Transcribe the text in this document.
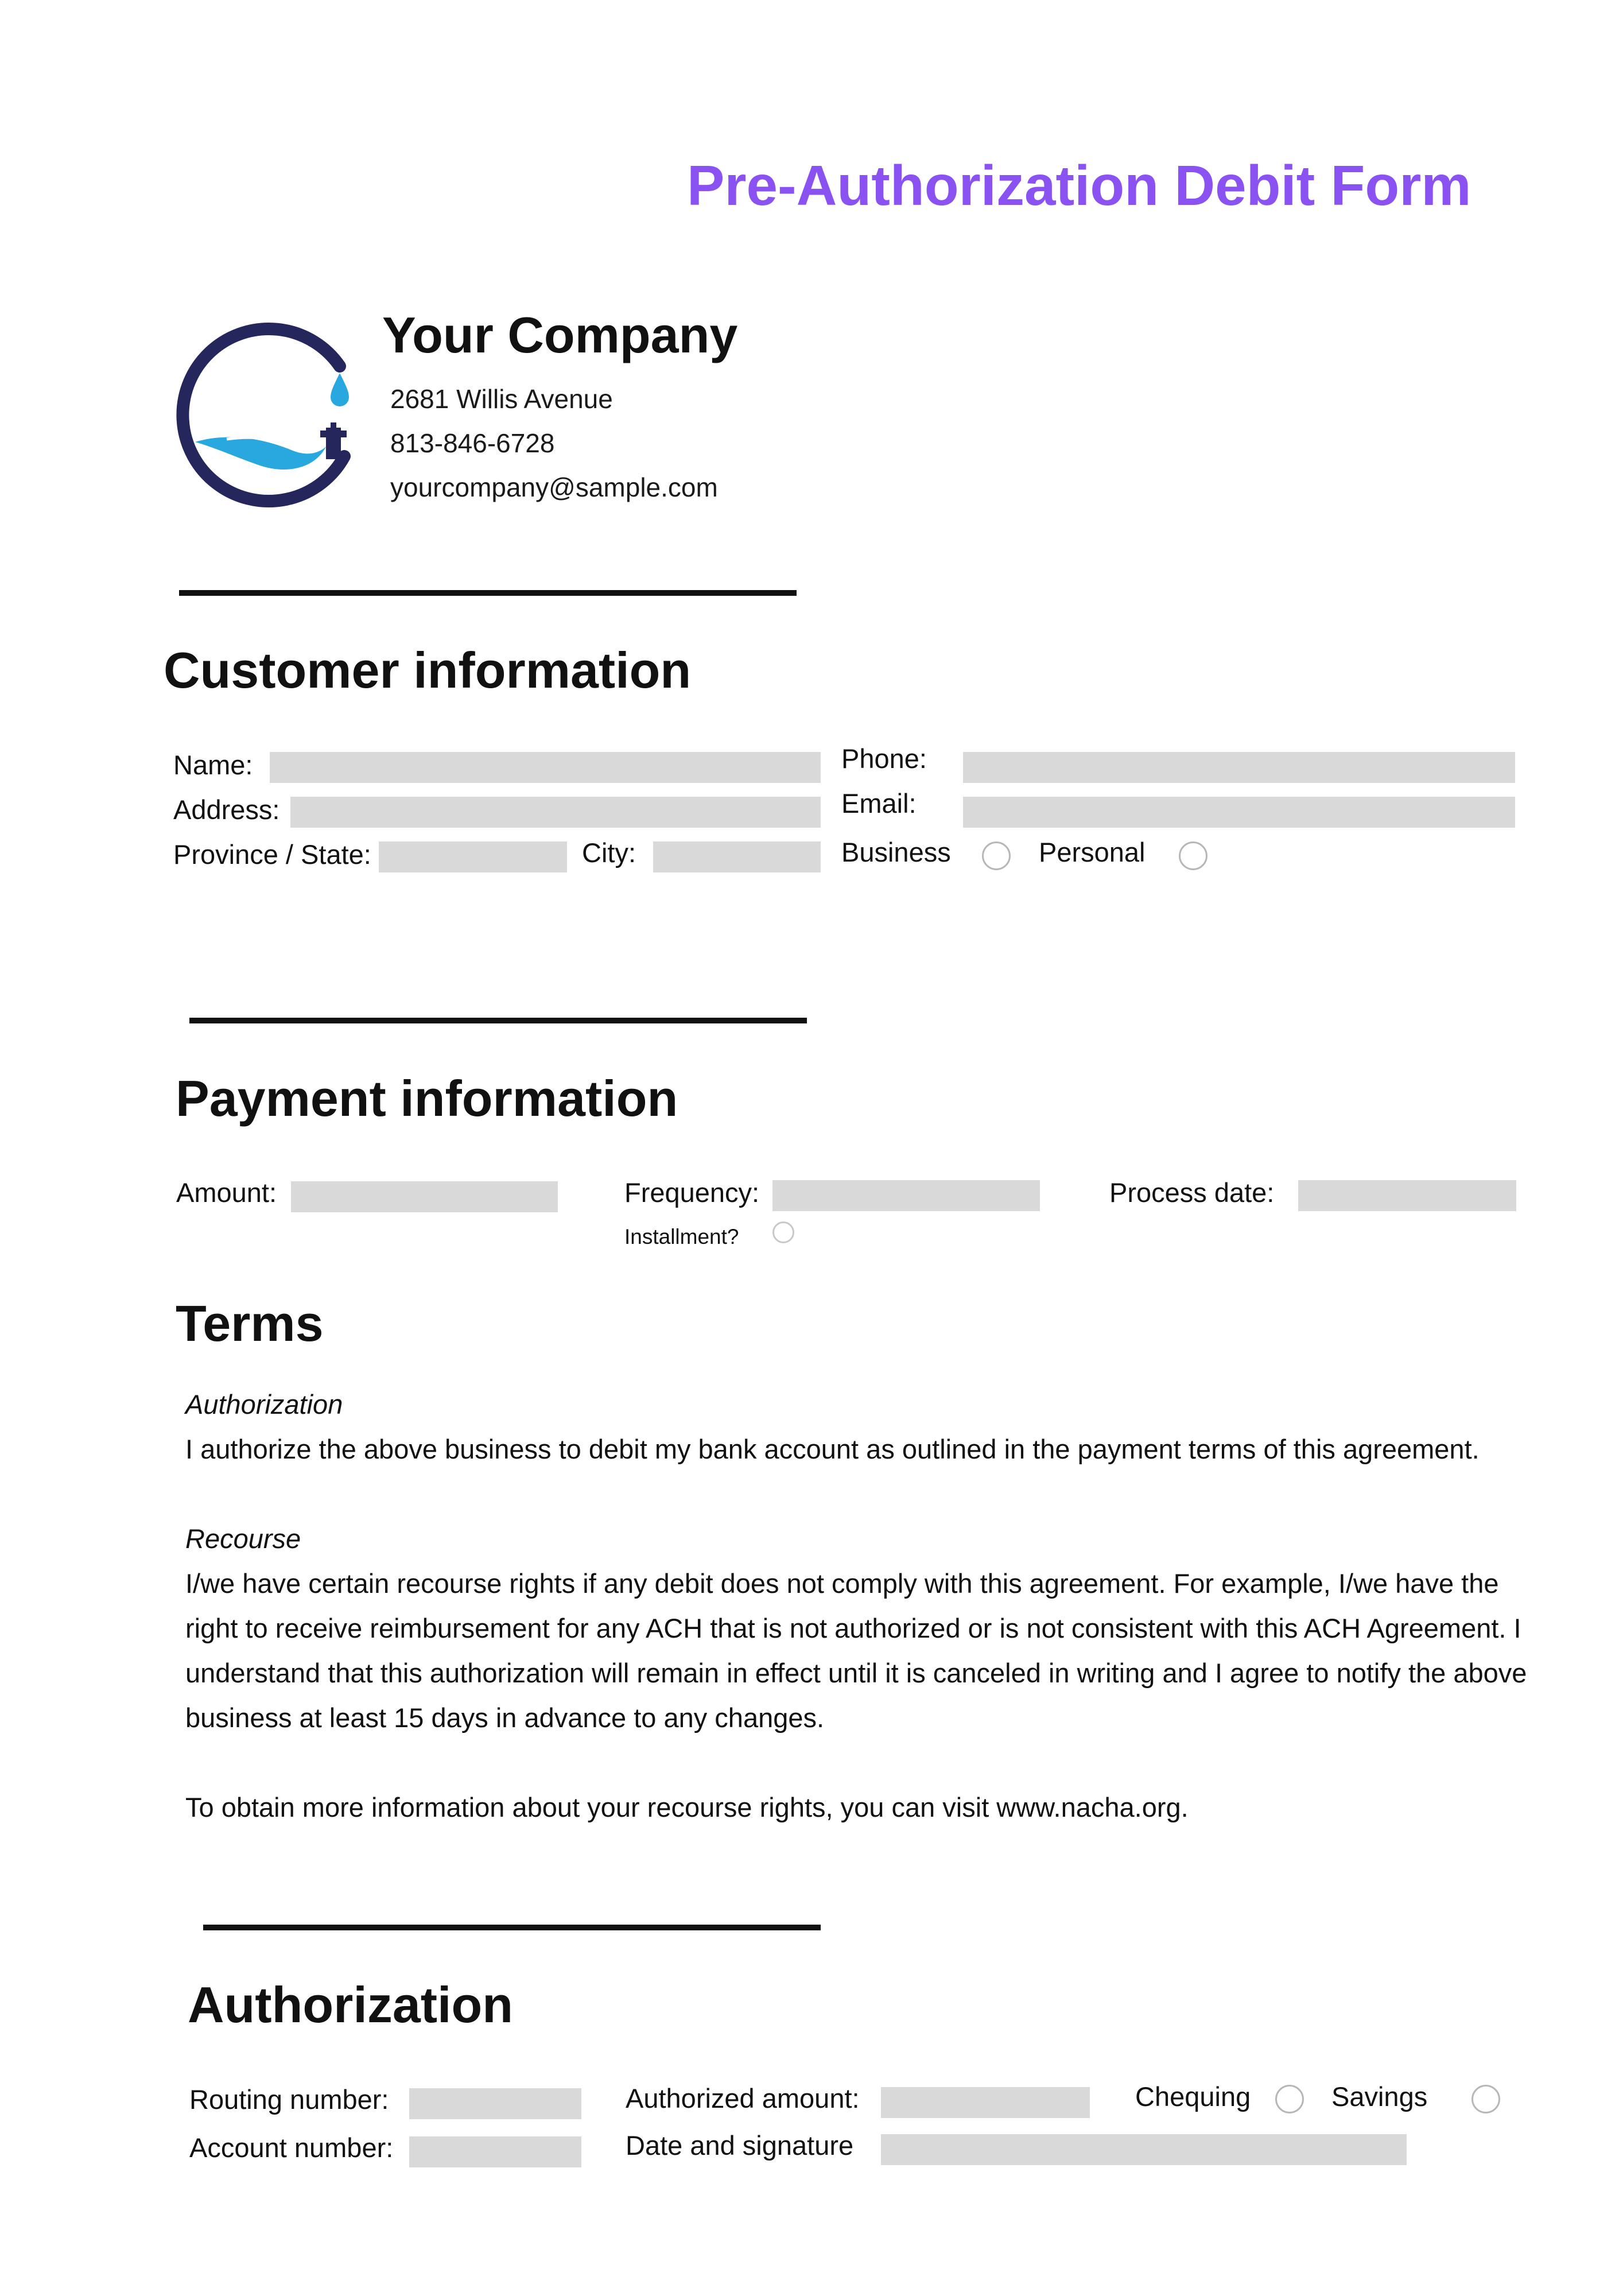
Pre-Authorization Debit Form
Your Company
2681 Willis Avenue
813-846-6728
yourcompany@sample.com
Customer information
Name:
Address:
Province / State:	City:
Phone:
Email:
Business	Personal
Payment information
Amount:	Frequency:
Installment?
Process date:
Terms

Authorization

I authorize the above business to debit my bank account as outlined in the payment terms of this agreement.

Recourse

I/we have certain recourse rights if any debit does not comply with this agreement. For example, I/we have the right to receive reimbursement for any ACH that is not authorized or is not consistent with this ACH Agreement. I understand that this authorization will remain in effect until it is canceled in writing and I agree to notify the above business at least 15 days in advance to any changes.

To obtain more information about your recourse rights, you can visit www.nacha.org.

Authorization
Routing number:
Account number:
Authorized amount:
Date and signature
Chequing	Savings
